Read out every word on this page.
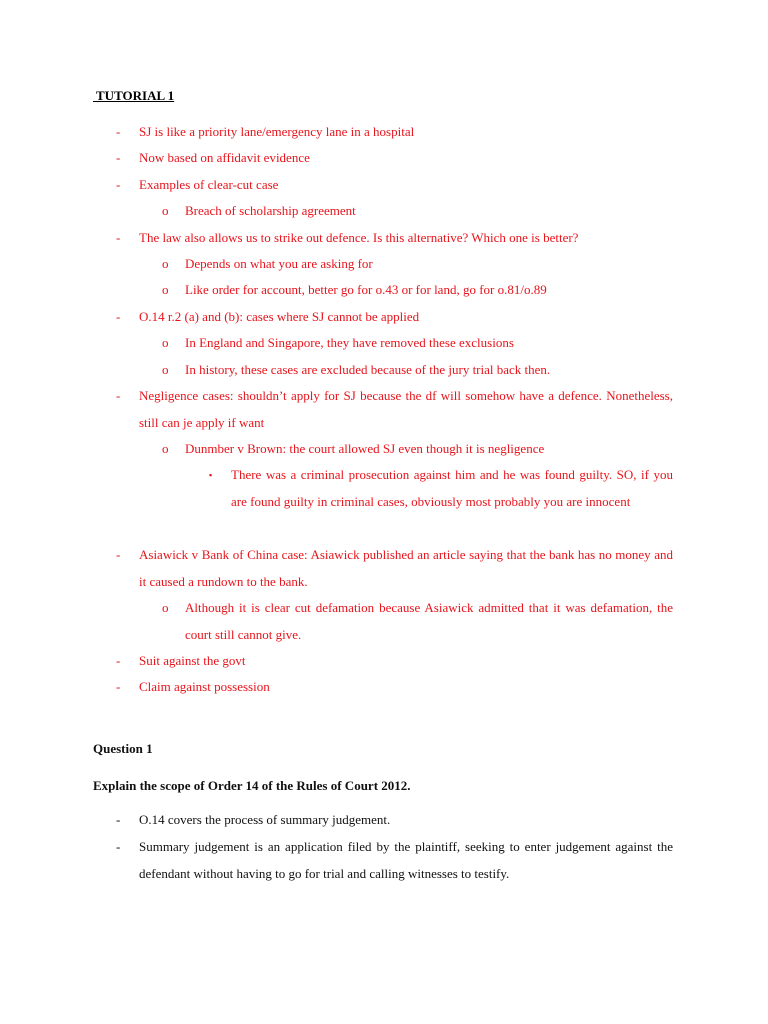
TUTORIAL 1
- SJ is like a priority lane/emergency lane in a hospital
- Now based on affidavit evidence
- Examples of clear-cut case
o Breach of scholarship agreement
- The law also allows us to strike out defence. Is this alternative? Which one is better?
o Depends on what you are asking for
o Like order for account, better go for o.43 or for land, go for o.81/o.89
- O.14 r.2 (a) and (b): cases where SJ cannot be applied
o In England and Singapore, they have removed these exclusions
o In history, these cases are excluded because of the jury trial back then.
- Negligence cases: shouldn’t apply for SJ because the df will somehow have a defence. Nonetheless, still can je apply if want
o Dunmber v Brown: the court allowed SJ even though it is negligence
▪ There was a criminal prosecution against him and he was found guilty. SO, if you are found guilty in criminal cases, obviously most probably you are innocent
- Asiawick v Bank of China case: Asiawick published an article saying that the bank has no money and it caused a rundown to the bank.
o Although it is clear cut defamation because Asiawick admitted that it was defamation, the court still cannot give.
- Suit against the govt
- Claim against possession
Question 1
Explain the scope of Order 14 of the Rules of Court 2012.
- O.14 covers the process of summary judgement.
- Summary judgement is an application filed by the plaintiff, seeking to enter judgement against the defendant without having to go for trial and calling witnesses to testify.
